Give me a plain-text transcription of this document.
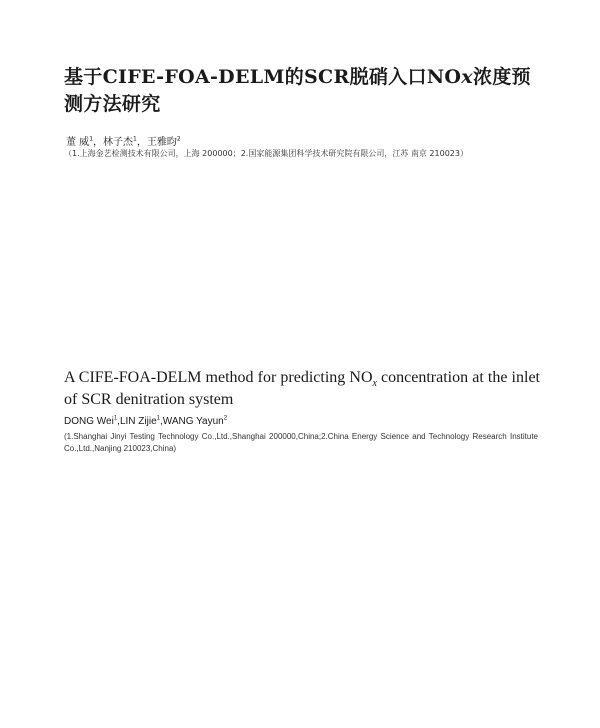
基于CIFE-FOA-DELM的SCR脱硝入口NOx浓度预测方法研究
董 威$^1$，林子杰$^1$，王雅昀$^2$
（1.上海金艺检测技术有限公司，上海 200000；2.国家能源集团科学技术研究院有限公司，江苏 南京 210023）
A CIFE-FOA-DELM method for predicting $NO_x$ concentration at the inlet of SCR denitration system
DONG Wei$^1$,LIN Zijie$^1$,WANG Yayun$^2$
(1.Shanghai Jinyi Testing Technology Co.,Ltd.,Shanghai 200000,China;2.China Energy Science and Technology Research Institute Co.,Ltd.,Nanjing 210023,China)
